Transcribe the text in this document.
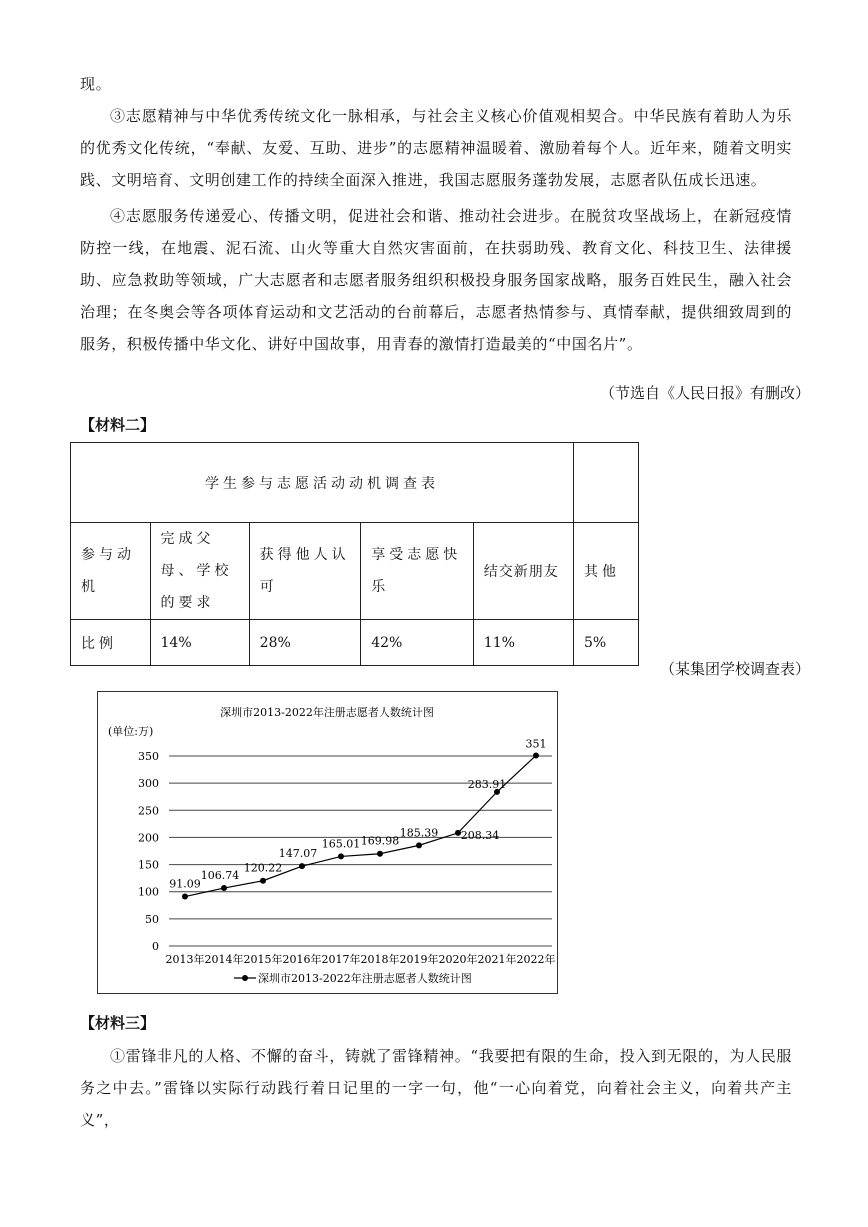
现。

③志愿精神与中华优秀传统文化一脉相承，与社会主义核心价值观相契合。中华民族有着助人为乐的优秀文化传统，“奉献、友爱、互助、进步”的志愿精神温暖着、激励着每个人。近年来，随着文明实践、文明培育、文明创建工作的持续全面深入推进，我国志愿服务蓬勃发展，志愿者队伍成长迅速。

④志愿服务传递爱心、传播文明，促进社会和谐、推动社会进步。在脱贫攻坚战场上，在新冠疫情防控一线，在地震、泥石流、山火等重大自然灾害面前，在扶弱助残、教育文化、科技卫生、法律援助、应急救助等领域，广大志愿者和志愿者服务组织积极投身服务国家战略，服务百姓民生，融入社会治理；在冬奥会等各项体育运动和文艺活动的台前幕后，志愿者热情参与、真情奉献，提供细致周到的服务，积极传播中华文化、讲好中国故事，用青春的激情打造最美的“中国名片”。

（节选自《人民日报》有删改）
【材料二】
学生参与志愿活动动机调查表					
参与动机	完成父母、学校的要求	获得他人认可	享受志愿快乐	结交新朋友	其他
比例	14%	28%	42%	11%	5%
（某集团学校调查表）
深圳市2013-2022年注册志愿者人数统计图
(单位:万)
0
50
100
150
200
250
300
350
2013年 2014年 2015年 2016年 2017年 2018年 2019年 2020年 2021年 2022年
91.09
106.74
120.22
147.07
165.01 169.98
185.39 208.34
283.91
351
深圳市2013-2022年注册志愿者人数统计图
【材料三】

①雷锋非凡的人格、不懈的奋斗，铸就了雷锋精神。“我要把有限的生命，投入到无限的，为人民服务之中去。”雷锋以实际行动践行着日记里的一字一句，他“一心向着党，向着社会主义，向着共产主义”，
